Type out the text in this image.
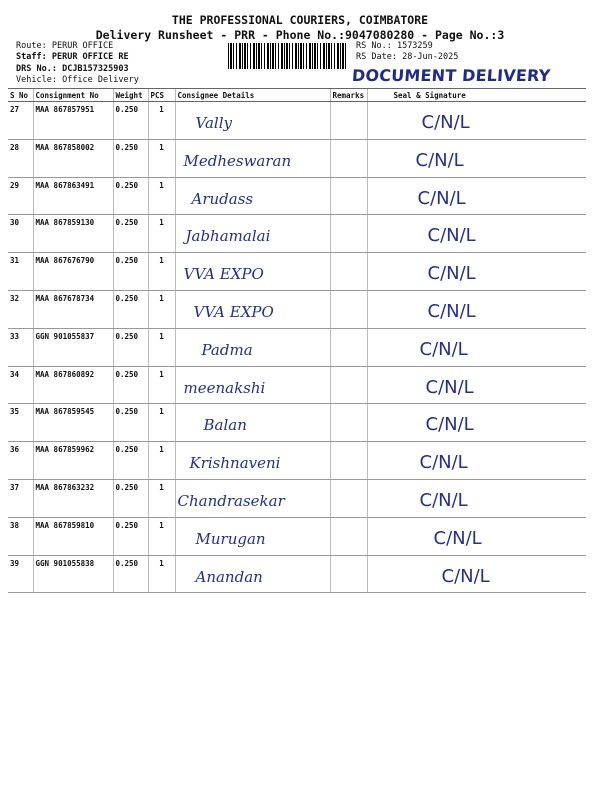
THE PROFESSIONAL COURIERS, COIMBATORE
Delivery Runsheet - PRR - Phone No.:9047080280 - Page No.:3
Route: PERUR OFFICE
Staff: PERUR OFFICE RE
DRS No.: DCJB157325903
Vehicle: Office Delivery
RS No.: 1573259
RS Date: 28-Jun-2025
DOCUMENT DELIVERY
S No	Consignment No	Weight	PCS	Consignee Details	Remarks	Seal & Signature
27	MAA 867857951	0.250	1	Vally		C/N/L
28	MAA 867858002	0.250	1	Medheswaran		C/N/L
29	MAA 867863491	0.250	1	Arudass		C/N/L
30	MAA 867859130	0.250	1	Jabhamalai		C/N/L
31	MAA 867676790	0.250	1	VVA EXPO		C/N/L
32	MAA 867678734	0.250	1	VVA EXPO		C/N/L
33	GGN 901055837	0.250	1	Padma		C/N/L
34	MAA 867860892	0.250	1	meenakshi		C/N/L
35	MAA 867859545	0.250	1	Balan		C/N/L
36	MAA 867859962	0.250	1	Krishnaveni		C/N/L
37	MAA 867863232	0.250	1	Chandrasekar		C/N/L
38	MAA 867859810	0.250	1	Murugan		C/N/L
39	GGN 901055838	0.250	1	Anandan		C/N/L
